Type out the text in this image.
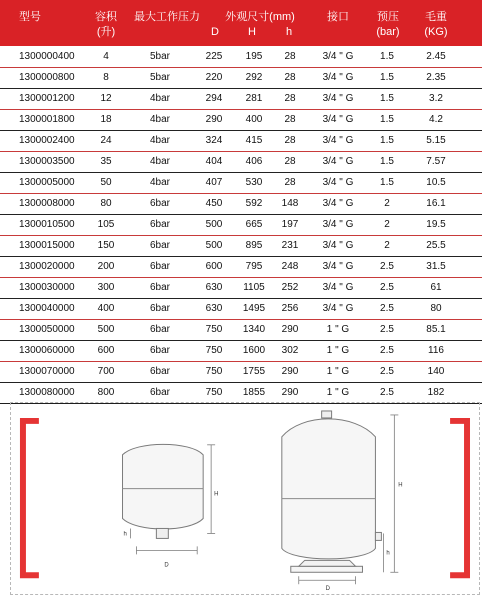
型号	容积
(升)
最大工作压力	外观尺寸(mm)
D	H	h
接口	预压
(bar)
毛重
(KG)
1300000400	4	5bar	225	195	28	3/4 " G	1.5	2.45
1300000800	8	5bar	220	292	28	3/4 " G	1.5	2.35
1300001200	12	4bar	294	281	28	3/4 " G	1.5	3.2
1300001800	18	4bar	290	400	28	3/4 " G	1.5	4.2
1300002400	24	4bar	324	415	28	3/4 " G	1.5	5.15
1300003500	35	4bar	404	406	28	3/4 " G	1.5	7.57
1300005000	50	4bar	407	530	28	3/4 " G	1.5	10.5
1300008000	80	6bar	450	592	148	3/4 " G	2	16.1
1300010500	105	6bar	500	665	197	3/4 " G	2	19.5
1300015000	150	6bar	500	895	231	3/4 " G	2	25.5
1300020000	200	6bar	600	795	248	3/4 " G	2.5	31.5
1300030000	300	6bar	630	1105	252	3/4 " G	2.5	61
1300040000	400	6bar	630	1495	256	3/4 " G	2.5	80
1300050000	500	6bar	750	1340	290	1 " G	2.5	85.1
1300060000	600	6bar	750	1600	302	1 " G	2.5	116
1300070000	700	6bar	750	1755	290	1 " G	2.5	140
1300080000	800	6bar	750	1855	290	1 " G	2.5	182
H
h
D
H
h
D
